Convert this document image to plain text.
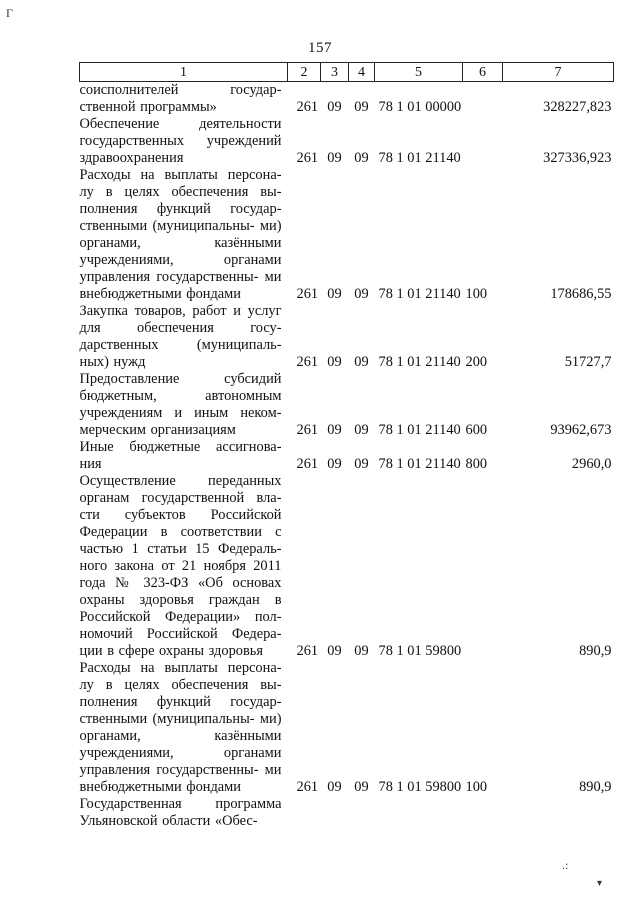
Г
157
1	2	3	4	5	6	7
соисполнителей государ- ственной программы»	261	09	09	78 1 01 00000		328227,823
Обеспечение деятельности государственных учреждений здравоохранения	261	09	09	78 1 01 21140		327336,923
Расходы на выплаты персона- лу в целях обеспечения вы- полнения функций государ- ственными (муниципальны- ми) органами, казёнными учреждениями, органами управления государственны- ми внебюджетными фондами	261	09	09	78 1 01 21140	100	178686,55
Закупка товаров, работ и услуг для обеспечения госу- дарственных (муниципаль- ных) нужд	261	09	09	78 1 01 21140	200	51727,7
Предоставление субсидий бюджетным, автономным учреждениям и иным неком- мерческим организациям	261	09	09	78 1 01 21140	600	93962,673
Иные бюджетные ассигнова- ния	261	09	09	78 1 01 21140	800	2960,0
Осуществление переданных органам государственной вла- сти субъектов Российской Федерации в соответствии с частью 1 статьи 15 Федераль- ного закона от 21 ноября 2011 года № 323-ФЗ «Об основах охраны здоровья граждан в Российской Федерации» пол- номочий Российской Федера- ции в сфере охраны здоровья	261	09	09	78 1 01 59800		890,9
Расходы на выплаты персона- лу в целях обеспечения вы- полнения функций государ- ственными (муниципальны- ми) органами, казёнными учреждениями, органами управления государственны- ми внебюджетными фондами	261	09	09	78 1 01 59800	100	890,9
Государственная программа Ульяновской области «Обес-						
.:
▾
